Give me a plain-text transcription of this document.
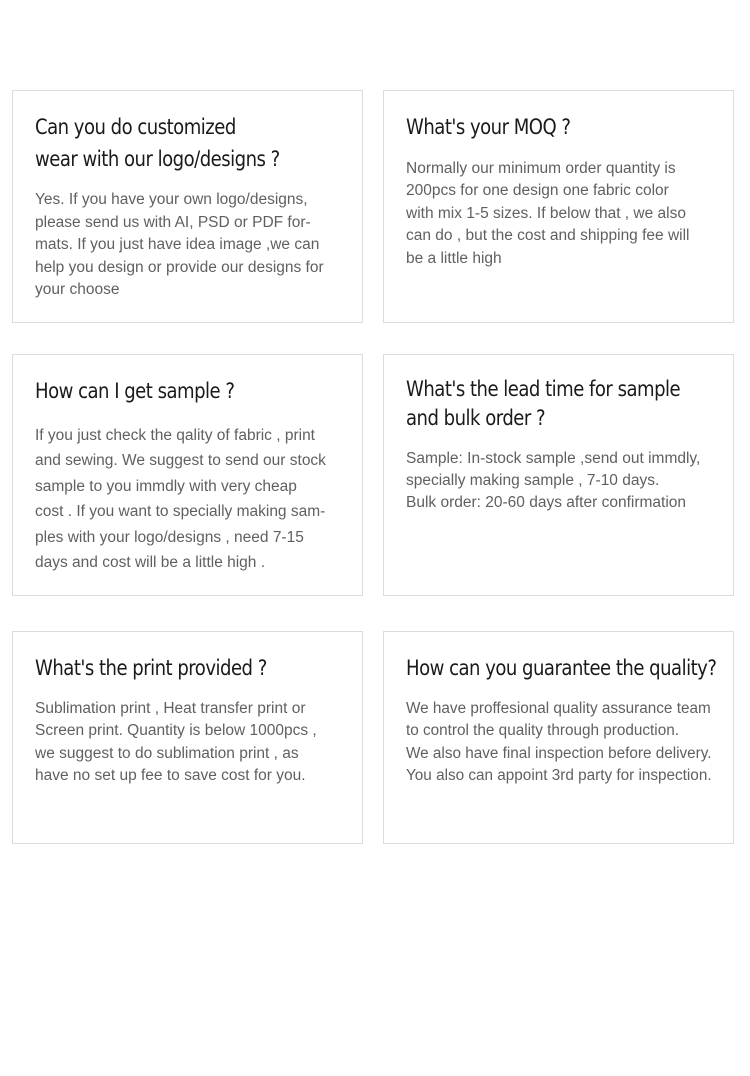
Can you do customized
wear with our logo/designs ?

Yes. If you have your own logo/designs,
please send us with AI, PSD or PDF for-
mats. If you just have idea image ,we can
help you design or provide our designs for
your choose

What's your MOQ ?

Normally our minimum order quantity is
200pcs for one design one fabric color
with mix 1-5 sizes. If below that , we also
can do , but the cost and shipping fee will
be a little high

How can I get sample ?

If you just check the qality of fabric , print
and sewing. We suggest to send our stock
sample to you immdly with very cheap
cost . If you want to specially making sam-
ples with your logo/designs , need 7-15
days and cost will be a little high .

What's the lead time for sample
and bulk order ?

Sample: In-stock sample ,send out immdly,
specially making sample , 7-10 days.
Bulk order: 20-60 days after confirmation

What's the print provided ?

Sublimation print , Heat transfer print or
Screen print. Quantity is below 1000pcs ,
we suggest to do sublimation print , as
have no set up fee to save cost for you.

How can you guarantee the quality?

We have proffesional quality assurance team
to control the quality through production.
We also have final inspection before delivery.
You also can appoint 3rd party for inspection.
